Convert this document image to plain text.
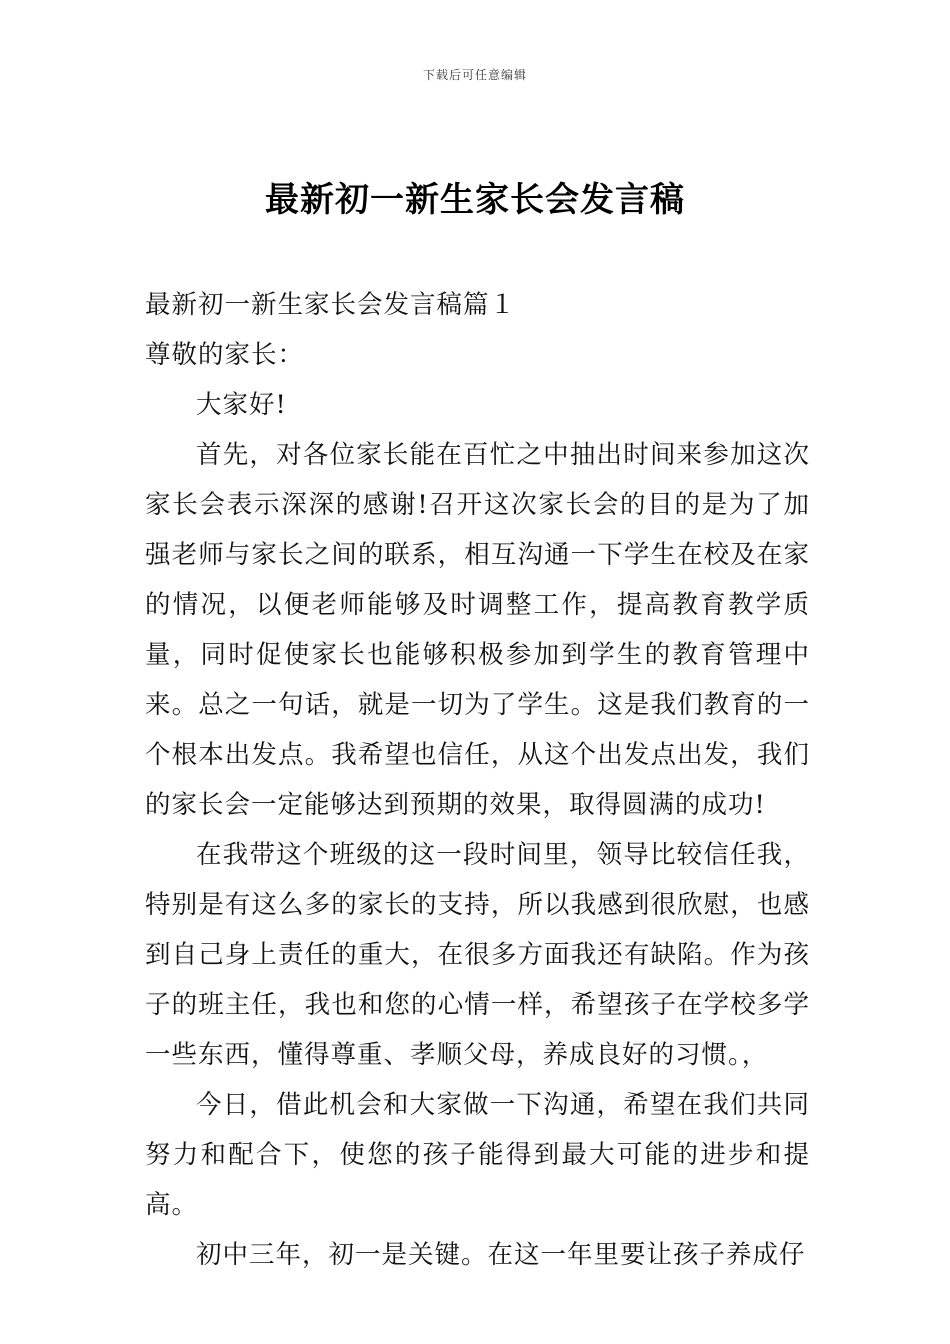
下载后可任意编辑
最新初一新生家长会发言稿

最新初一新生家长会发言稿篇１

尊敬的家长：

大家好!

首先，对各位家长能在百忙之中抽出时间来参加这次家长会表示深深的感谢!召开这次家长会的目的是为了加强老师与家长之间的联系，相互沟通一下学生在校及在家的情况，以便老师能够及时调整工作，提高教育教学质量，同时促使家长也能够积极参加到学生的教育管理中来。总之一句话，就是一切为了学生。这是我们教育的一个根本出发点。我希望也信任，从这个出发点出发，我们的家长会一定能够达到预期的效果，取得圆满的成功!

在我带这个班级的这一段时间里，领导比较信任我，特别是有这么多的家长的支持，所以我感到很欣慰，也感到自己身上责任的重大，在很多方面我还有缺陷。作为孩子的班主任，我也和您的心情一样，希望孩子在学校多学一些东西，懂得尊重、孝顺父母，养成良好的习惯。，

今日，借此机会和大家做一下沟通，希望在我们共同努力和配合下，使您的孩子能得到最大可能的进步和提高。

初中三年，初一是关键。在这一年里要让孩子养成仔
